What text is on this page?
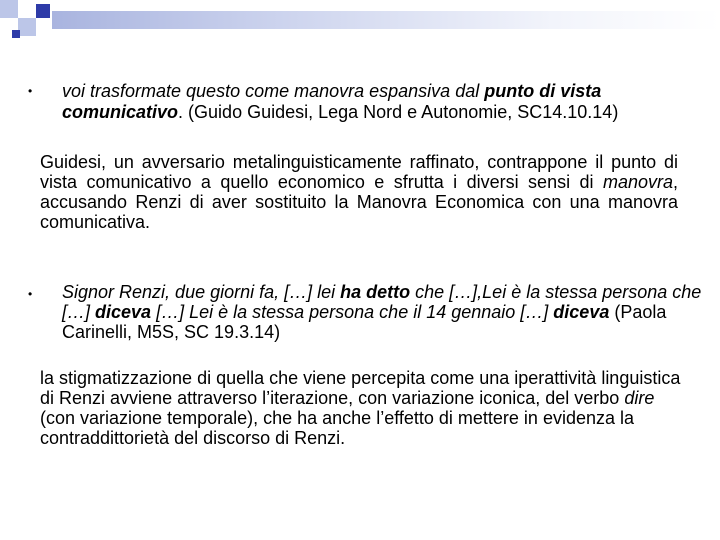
• voi trasformate questo come manovra espansiva dal punto di vista comunicativo. (Guido Guidesi, Lega Nord e Autonomie, SC14.10.14)

Guidesi, un avversario metalinguisticamente raffinato, contrappone il punto di vista comunicativo a quello economico e sfrutta i diversi sensi di manovra, accusando Renzi di aver sostituito la Manovra Economica con una manovra comunicativa.

• Signor Renzi, due giorni fa, […] lei ha detto che […],Lei è la stessa persona che […] diceva […] Lei è la stessa persona che il 14 gennaio […] diceva (Paola Carinelli, M5S, SC 19.3.14)

la stigmatizzazione di quella che viene percepita come una iperattività linguistica di Renzi avviene attraverso l’iterazione, con variazione iconica, del verbo dire (con variazione temporale), che ha anche l’effetto di mettere in evidenza la contraddittorietà del discorso di Renzi.
